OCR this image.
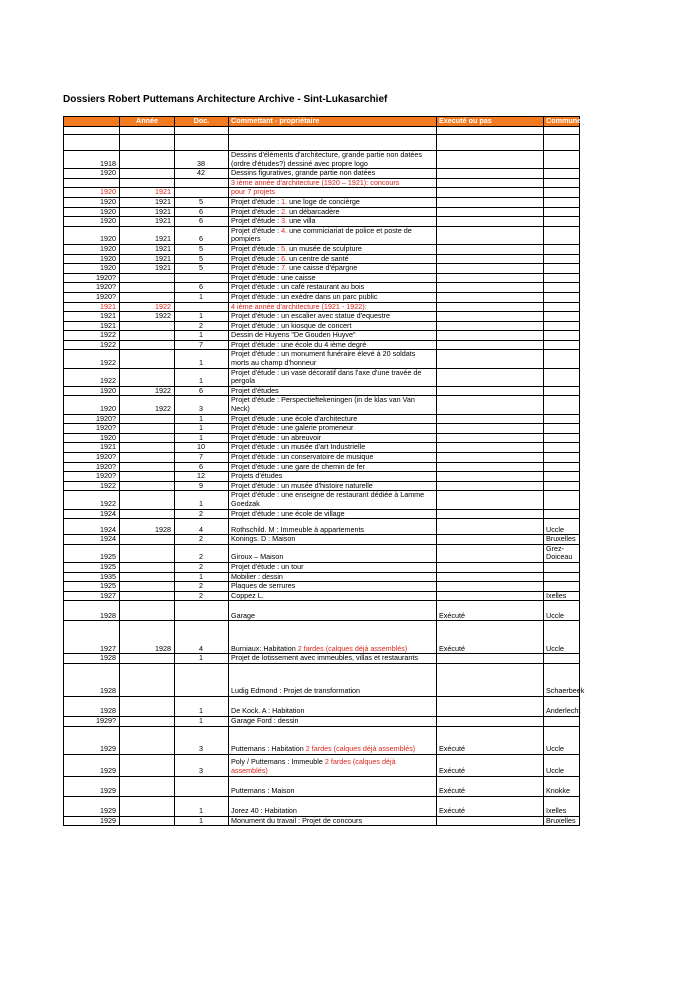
Dossiers Robert Puttemans Architecture Archive - Sint-Lukasarchief
	Année	Doc.	Commettant - propriétaire	Executé ou pas	Commune

1918		38	Dessins d'éléments d'architecture, grande partie non datées (ordre d'études?) dessiné avec propre logo		
1920		42	Dessins figuratives, grande partie non datées		
			3 ième année d'architecture (1920 – 1921): concours		
1920	1921		pour 7 projets		
1920	1921	5	Projet d'étude : 1. une loge de concièrge		
1920	1921	6	Projet d'étude : 2. un débarcadère		
1920	1921	6	Projet d'étude : 3. une villa		
1920	1921	6	Projet d'étude : 4. une commiciariat de police et poste de pompiers		
1920	1921	5	Projet d'étude : 5. un musée de sculpture		
1920	1921	5	Projet d'étude : 6. un centre de santé		
1920	1921	5	Projet d'étude : 7. une caisse d'épargne		
1920?			Projet d'étude : une caisse		
1920?		6	Projet d'étude : un café restaurant au bois		
1920?		1	Projet d'étude : un exèdre dans un parc public		
1921	1922		4 ième année d'architecture (1921 - 1922):		
1921	1922	1	Projet d'étude : un escalier avec statue d'equestre		
1921		2	Projet d'étude : un kiosque de concert		
1922		1	Dessin de Huyens "De Gouden Huyve"		
1922		7	Projet d'étude : une école du 4 ième degré		
1922		1	Projet d'étude : un monument funéraire élevé à 20 soldats morts au champ d'honneur		
1922		1	Projet d'étude : un vase décoratif dans l'axe d'une travée de pergola		
1920	1922	6	Projet d'études		
1920	1922	3	Projet d'étude : Perspectieftekeningen (in de klas van Van Neck)		
1920?		1	Projet d'étude : une école d'architecture		
1920?		1	Projet d'étude : une galerie promeneur		
1920		1	Projet d'étude : un abreuvoir		
1921		10	Projet d'étude : un musée d'art Industrielle		
1920?		7	Projet d'étude : un conservatoire de musique		
1920?		6	Projet d'étude : une gare de chemin de fer		
1920?		12	Projets d'études		
1922		9	Projet d'étude : un musée d'histoire naturelle		
1922		1	Projet d'étude : une enseigne de restaurant dédiée à Lamme Goedzak		
1924		2	Projet d'étude : une école de village		
1924	1928	4	Rothschild. M : Immeuble à appartements		Uccle
1924		2	Konings. D : Maison		Bruxelles
1925		2	Giroux – Maison		Grez-Doiceau
1925		2	Projet d'étude : un tour		
1935		1	Mobilier : dessin		
1925		2	Plaques de serrures		
1927		2	Coppez L.		Ixelles
1928			Garage	Exécuté	Uccle
1927	1928	4	Burniaux: Habitation 2 fardes (calques déjà assemblés)	Exécuté	Uccle
1928		1	Projet de lotissement avec immeubles, villas et restaurants		
1928			Ludig Edmond : Projet de transformation		Schaerbeek
1928		1	De Kock. A : Habitation		Anderlecht
1929?		1	Garage Ford : dessin		
1929		3	Puttemans : Habitation 2 fardes (calques déjà assemblés)	Exécuté	Uccle
1929		3	Poly / Puttemans : Immeuble 2 fardes (calques déjà assemblés)	Exécuté	Uccle
1929			Puttemans : Maison	Exécuté	Knokke
1929		1	Jorez 40 : Habitation	Exécuté	Ixelles
1929		1	Monument du travail : Projet de concours		Bruxelles
